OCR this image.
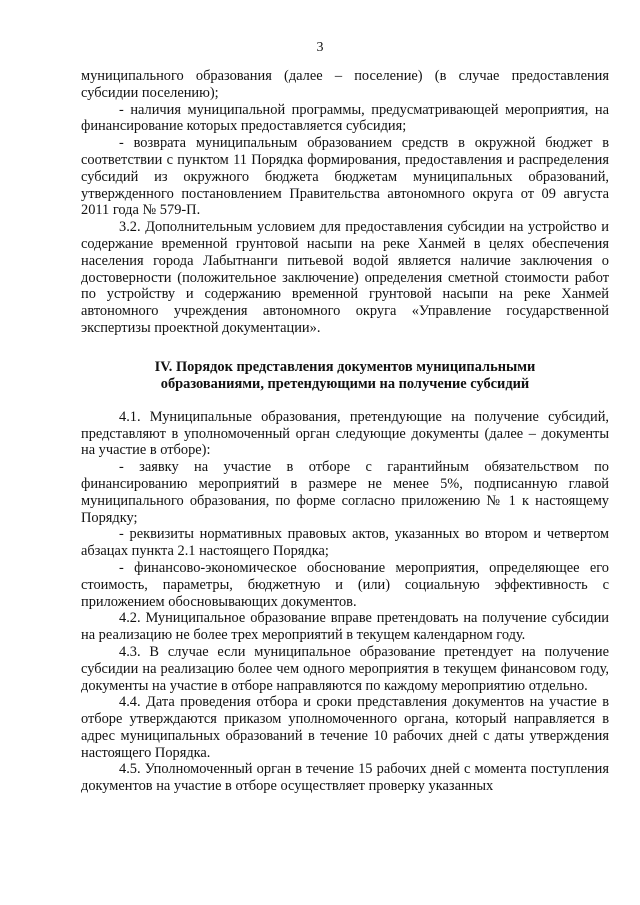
3

муниципального образования (далее – поселение) (в случае предоставления субсидии поселению);

- наличия муниципальной программы, предусматривающей мероприятия, на финансирование которых предоставляется субсидия;

- возврата муниципальным образованием средств в окружной бюджет в соответствии с пунктом 11 Порядка формирования, предоставления и распределения субсидий из окружного бюджета бюджетам муниципальных образований, утвержденного постановлением Правительства автономного округа от 09 августа 2011 года № 579-П.

3.2. Дополнительным условием для предоставления субсидии на устройство и содержание временной грунтовой насыпи на реке Ханмей в целях обеспечения населения города Лабытнанги питьевой водой является наличие заключения о достоверности (положительное заключение) определения сметной стоимости работ по устройству и содержанию временной грунтовой насыпи на реке Ханмей автономного учреждения автономного округа «Управление государственной экспертизы проектной документации».

IV. Порядок представления документов муниципальными
образованиями, претендующими на получение субсидий

4.1. Муниципальные образования, претендующие на получение субсидий, представляют в уполномоченный орган следующие документы (далее – документы на участие в отборе):

- заявку на участие в отборе с гарантийным обязательством по финансированию мероприятий в размере не менее 5%, подписанную главой муниципального образования, по форме согласно приложению № 1 к настоящему Порядку;

- реквизиты нормативных правовых актов, указанных во втором и четвертом абзацах пункта 2.1 настоящего Порядка;

- финансово-экономическое обоснование мероприятия, определяющее его стоимость, параметры, бюджетную и (или) социальную эффективность с приложением обосновывающих документов.

4.2. Муниципальное образование вправе претендовать на получение субсидии на реализацию не более трех мероприятий в текущем календарном году.

4.3. В случае если муниципальное образование претендует на получение субсидии на реализацию более чем одного мероприятия в текущем финансовом году, документы на участие в отборе направляются по каждому мероприятию отдельно.

4.4. Дата проведения отбора и сроки представления документов на участие в отборе утверждаются приказом уполномоченного органа, который направляется в адрес муниципальных образований в течение 10 рабочих дней с даты утверждения настоящего Порядка.

4.5. Уполномоченный орган в течение 15 рабочих дней с момента поступления документов на участие в отборе осуществляет проверку указанных
